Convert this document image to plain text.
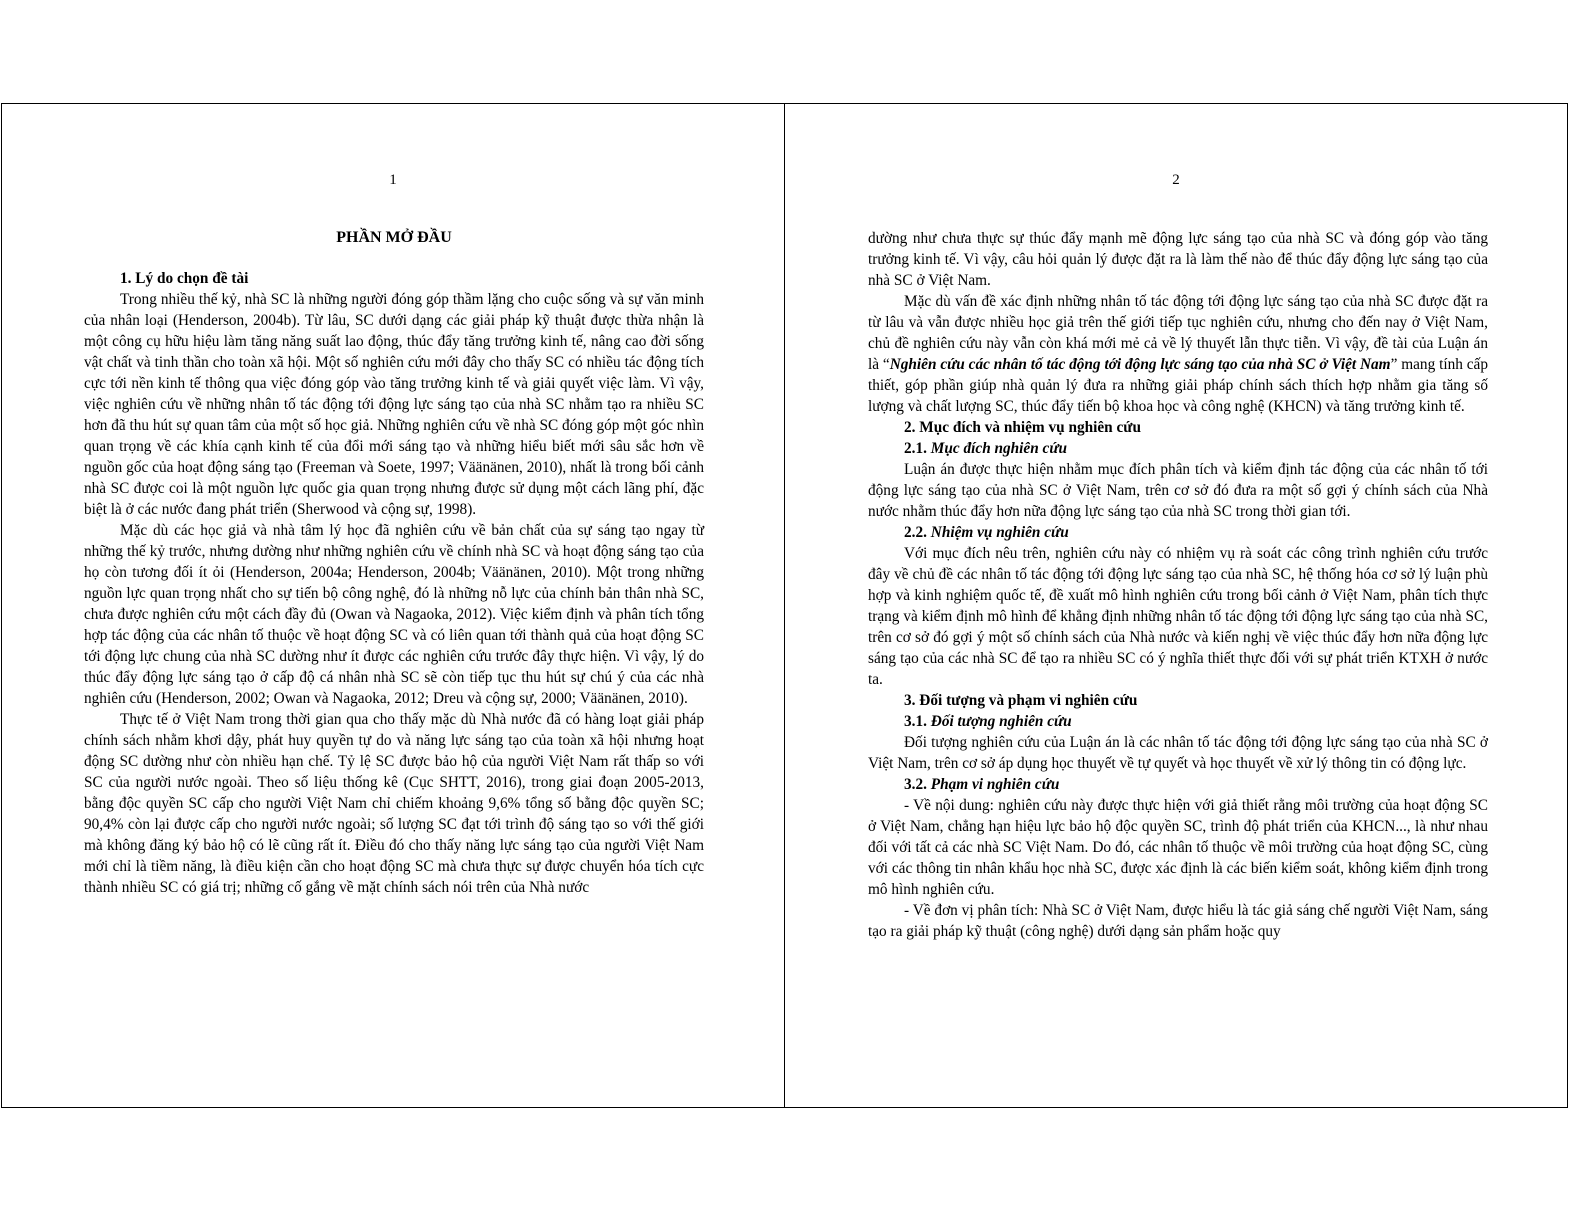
1

PHẦN MỞ ĐẦU

1. Lý do chọn đề tài

Trong nhiều thế kỷ, nhà SC là những người đóng góp thầm lặng cho cuộc sống và sự văn minh của nhân loại (Henderson, 2004b). Từ lâu, SC dưới dạng các giải pháp kỹ thuật được thừa nhận là một công cụ hữu hiệu làm tăng năng suất lao động, thúc đẩy tăng trưởng kinh tế, nâng cao đời sống vật chất và tinh thần cho toàn xã hội. Một số nghiên cứu mới đây cho thấy SC có nhiều tác động tích cực tới nền kinh tế thông qua việc đóng góp vào tăng trưởng kinh tế và giải quyết việc làm. Vì vậy, việc nghiên cứu về những nhân tố tác động tới động lực sáng tạo của nhà SC nhằm tạo ra nhiều SC hơn đã thu hút sự quan tâm của một số học giả. Những nghiên cứu về nhà SC đóng góp một góc nhìn quan trọng về các khía cạnh kinh tế của đổi mới sáng tạo và những hiểu biết mới sâu sắc hơn về nguồn gốc của hoạt động sáng tạo (Freeman và Soete, 1997; Väänänen, 2010), nhất là trong bối cảnh nhà SC được coi là một nguồn lực quốc gia quan trọng nhưng được sử dụng một cách lãng phí, đặc biệt là ở các nước đang phát triển (Sherwood và cộng sự, 1998).

Mặc dù các học giả và nhà tâm lý học đã nghiên cứu về bản chất của sự sáng tạo ngay từ những thế kỷ trước, nhưng dường như những nghiên cứu về chính nhà SC và hoạt động sáng tạo của họ còn tương đối ít ỏi (Henderson, 2004a; Henderson, 2004b; Väänänen, 2010). Một trong những nguồn lực quan trọng nhất cho sự tiến bộ công nghệ, đó là những nỗ lực của chính bản thân nhà SC, chưa được nghiên cứu một cách đầy đủ (Owan và Nagaoka, 2012). Việc kiểm định và phân tích tổng hợp tác động của các nhân tố thuộc về hoạt động SC và có liên quan tới thành quả của hoạt động SC tới động lực chung của nhà SC dường như ít được các nghiên cứu trước đây thực hiện. Vì vậy, lý do thúc đẩy động lực sáng tạo ở cấp độ cá nhân nhà SC sẽ còn tiếp tục thu hút sự chú ý của các nhà nghiên cứu (Henderson, 2002; Owan và Nagaoka, 2012; Dreu và cộng sự, 2000; Väänänen, 2010).

Thực tế ở Việt Nam trong thời gian qua cho thấy mặc dù Nhà nước đã có hàng loạt giải pháp chính sách nhằm khơi dậy, phát huy quyền tự do và năng lực sáng tạo của toàn xã hội nhưng hoạt động SC dường như còn nhiều hạn chế. Tỷ lệ SC được bảo hộ của người Việt Nam rất thấp so với SC của người nước ngoài. Theo số liệu thống kê (Cục SHTT, 2016), trong giai đoạn 2005-2013, bằng độc quyền SC cấp cho người Việt Nam chỉ chiếm khoảng 9,6% tổng số bằng độc quyền SC; 90,4% còn lại được cấp cho người nước ngoài; số lượng SC đạt tới trình độ sáng tạo so với thế giới mà không đăng ký bảo hộ có lẽ cũng rất ít. Điều đó cho thấy năng lực sáng tạo của người Việt Nam mới chỉ là tiềm năng, là điều kiện cần cho hoạt động SC mà chưa thực sự được chuyển hóa tích cực thành nhiều SC có giá trị; những cố gắng về mặt chính sách nói trên của Nhà nước

2

dường như chưa thực sự thúc đẩy mạnh mẽ động lực sáng tạo của nhà SC và đóng góp vào tăng trưởng kinh tế. Vì vậy, câu hỏi quản lý được đặt ra là làm thế nào để thúc đẩy động lực sáng tạo của nhà SC ở Việt Nam.

Mặc dù vấn đề xác định những nhân tố tác động tới động lực sáng tạo của nhà SC được đặt ra từ lâu và vẫn được nhiều học giả trên thế giới tiếp tục nghiên cứu, nhưng cho đến nay ở Việt Nam, chủ đề nghiên cứu này vẫn còn khá mới mẻ cả về lý thuyết lẫn thực tiễn. Vì vậy, đề tài của Luận án là “Nghiên cứu các nhân tố tác động tới động lực sáng tạo của nhà SC ở Việt Nam” mang tính cấp thiết, góp phần giúp nhà quản lý đưa ra những giải pháp chính sách thích hợp nhằm gia tăng số lượng và chất lượng SC, thúc đẩy tiến bộ khoa học và công nghệ (KHCN) và tăng trưởng kinh tế.

2. Mục đích và nhiệm vụ nghiên cứu

2.1. Mục đích nghiên cứu

Luận án được thực hiện nhằm mục đích phân tích và kiểm định tác động của các nhân tố tới động lực sáng tạo của nhà SC ở Việt Nam, trên cơ sở đó đưa ra một số gợi ý chính sách của Nhà nước nhằm thúc đẩy hơn nữa động lực sáng tạo của nhà SC trong thời gian tới.

2.2. Nhiệm vụ nghiên cứu

Với mục đích nêu trên, nghiên cứu này có nhiệm vụ rà soát các công trình nghiên cứu trước đây về chủ đề các nhân tố tác động tới động lực sáng tạo của nhà SC, hệ thống hóa cơ sở lý luận phù hợp và kinh nghiệm quốc tế, đề xuất mô hình nghiên cứu trong bối cảnh ở Việt Nam, phân tích thực trạng và kiểm định mô hình để khẳng định những nhân tố tác động tới động lực sáng tạo của nhà SC, trên cơ sở đó gợi ý một số chính sách của Nhà nước và kiến nghị về việc thúc đẩy hơn nữa động lực sáng tạo của các nhà SC để tạo ra nhiều SC có ý nghĩa thiết thực đối với sự phát triển KTXH ở nước ta.

3. Đối tượng và phạm vi nghiên cứu

3.1. Đối tượng nghiên cứu

Đối tượng nghiên cứu của Luận án là các nhân tố tác động tới động lực sáng tạo của nhà SC ở Việt Nam, trên cơ sở áp dụng học thuyết về tự quyết và học thuyết về xử lý thông tin có động lực.

3.2. Phạm vi nghiên cứu

- Về nội dung: nghiên cứu này được thực hiện với giả thiết rằng môi trường của hoạt động SC ở Việt Nam, chẳng hạn hiệu lực bảo hộ độc quyền SC, trình độ phát triển của KHCN..., là như nhau đối với tất cả các nhà SC Việt Nam. Do đó, các nhân tố thuộc về môi trường của hoạt động SC, cùng với các thông tin nhân khẩu học nhà SC, được xác định là các biến kiểm soát, không kiểm định trong mô hình nghiên cứu.

- Về đơn vị phân tích: Nhà SC ở Việt Nam, được hiểu là tác giả sáng chế người Việt Nam, sáng tạo ra giải pháp kỹ thuật (công nghệ) dưới dạng sản phẩm hoặc quy
